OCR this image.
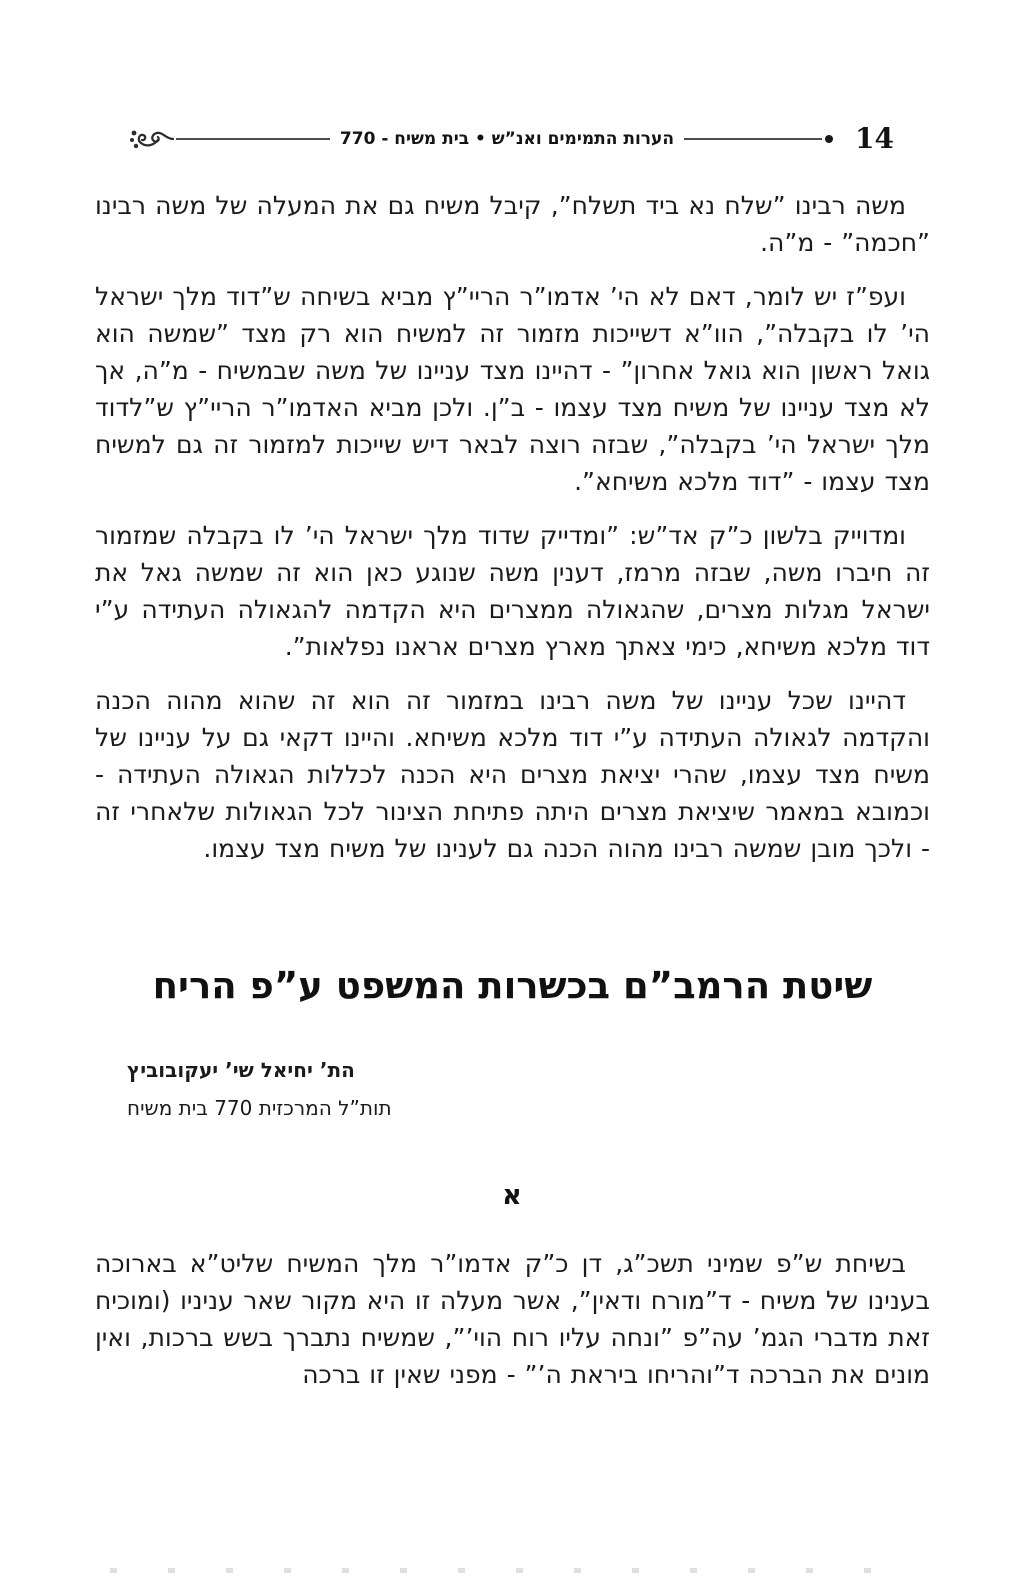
הערות התמימים ואנ”ש • בית משיח - 770	14

משה רבינו ”שלח נא ביד תשלח”, קיבל משיח גם את המעלה של משה רבינו ”חכמה” - מ”ה.

ועפ”ז יש לומר, דאם לא הי’ אדמו”ר הריי”ץ מביא בשיחה ש”דוד מלך ישראל הי’ לו בקבלה”, הוו”א דשייכות מזמור זה למשיח הוא רק מצד ”שמשה הוא גואל ראשון הוא גואל אחרון” - דהיינו מצד עניינו של משה שבמשיח - מ”ה, אך לא מצד עניינו של משיח מצד עצמו - ב”ן. ולכן מביא האדמו”ר הריי”ץ ש”לדוד מלך ישראל הי’ בקבלה”, שבזה רוצה לבאר דיש שייכות למזמור זה גם למשיח מצד עצמו - ”דוד מלכא משיחא”.

ומדוייק בלשון כ”ק אד”ש: ”ומדייק שדוד מלך ישראל הי’ לו בקבלה שמזמור זה חיברו משה, שבזה מרמז, דענין משה שנוגע כאן הוא זה שמשה גאל את ישראל מגלות מצרים, שהגאולה ממצרים היא הקדמה להגאולה העתידה ע”י דוד מלכא משיחא, כימי צאתך מארץ מצרים אראנו נפלאות”.

דהיינו שכל עניינו של משה רבינו במזמור זה הוא זה שהוא מהוה הכנה והקדמה לגאולה העתידה ע”י דוד מלכא משיחא. והיינו דקאי גם על עניינו של משיח מצד עצמו, שהרי יציאת מצרים היא הכנה לכללות הגאולה העתידה - וכמובא במאמר שיציאת מצרים היתה פתיחת הצינור לכל הגאולות שלאחרי זה - ולכך מובן שמשה רבינו מהוה הכנה גם לענינו של משיח מצד עצמו.

שיטת הרמב”ם בכשרות המשפט ע”פ הריח
הת’ יחיאל שי’ יעקובוביץ
תות”ל המרכזית 770 בית משיח
א

בשיחת ש”פ שמיני תשכ”ג, דן כ”ק אדמו”ר מלך המשיח שליט”א בארוכה בענינו של משיח - ד”מורח ודאין”, אשר מעלה זו היא מקור שאר עניניו (ומוכיח זאת מדברי הגמ’ עה”פ ”ונחה עליו רוח הוי’”, שמשיח נתברך בשש ברכות, ואין מונים את הברכה ד”והריחו ביראת ה’” - מפני שאין זו ברכה
